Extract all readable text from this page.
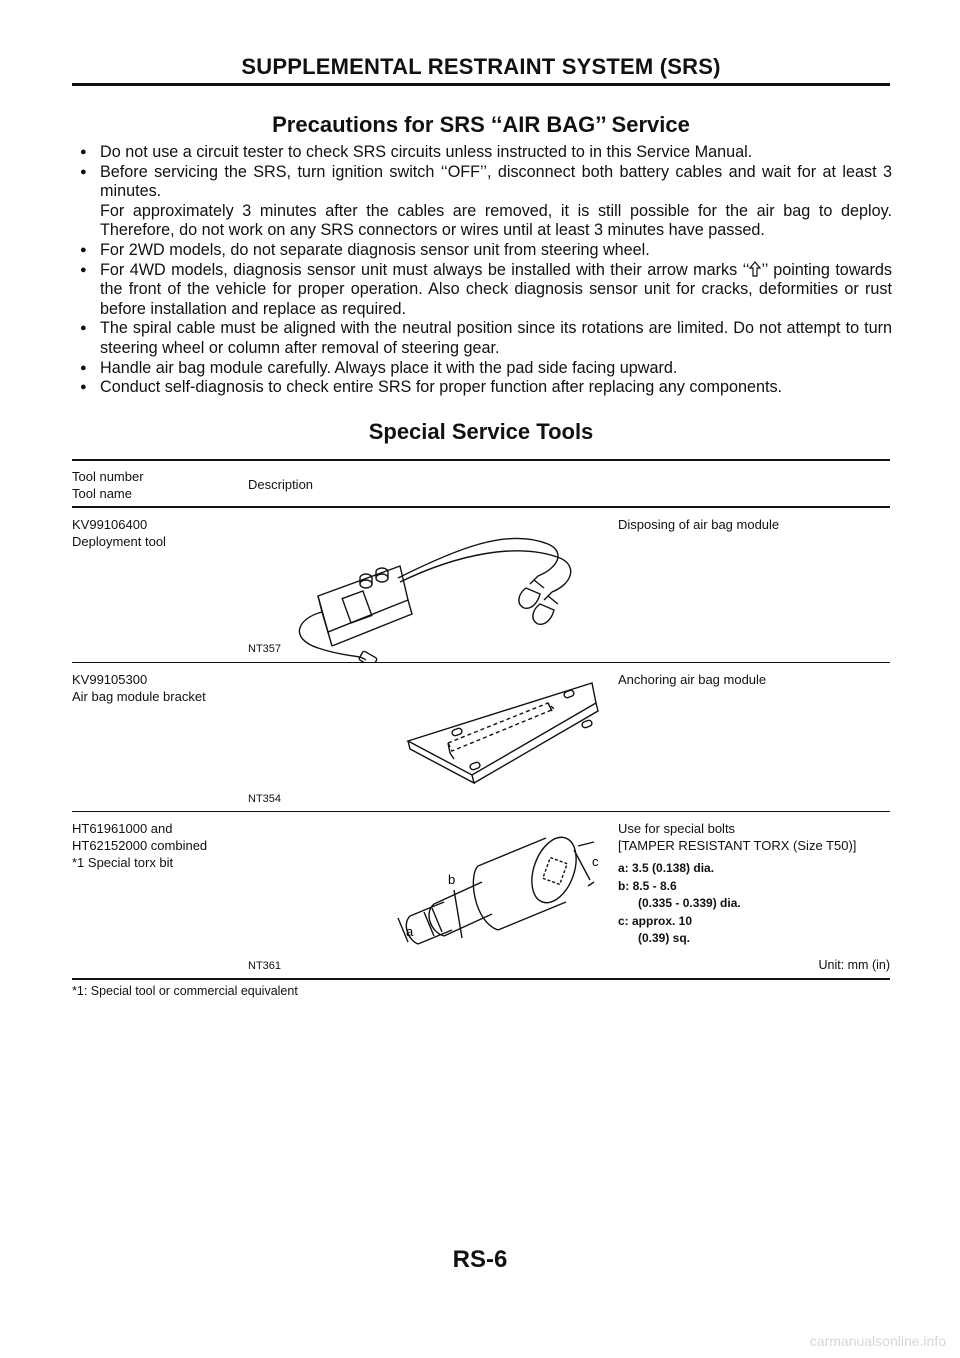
SUPPLEMENTAL RESTRAINT SYSTEM (SRS)
Precautions for SRS ‘‘AIR BAG’’ Service
● Do not use a circuit tester to check SRS circuits unless instructed to in this Service Manual.
● Before servicing the SRS, turn ignition switch ‘‘OFF’’, disconnect both battery cables and wait for at least 3 minutes.
For approximately 3 minutes after the cables are removed, it is still possible for the air bag to deploy. Therefore, do not work on any SRS connectors or wires until at least 3 minutes have passed.
● For 2WD models, do not separate diagnosis sensor unit from steering wheel.
● For 4WD models, diagnosis sensor unit must always be installed with their arrow marks ‘‘ ’’ pointing towards the front of the vehicle for proper operation. Also check diagnosis sensor unit for cracks, deformities or rust before installation and replace as required.
● The spiral cable must be aligned with the neutral position since its rotations are limited. Do not attempt to turn steering wheel or column after removal of steering gear.
● Handle air bag module carefully. Always place it with the pad side facing upward.
● Conduct self-diagnosis to check entire SRS for proper function after replacing any components.
Special Service Tools
Tool number
Tool name
Description
KV99106400
Deployment tool
NT357
Disposing of air bag module
KV99105300
Air bag module bracket
NT354
Anchoring air bag module
HT61961000 and
HT62152000 combined
*1 Special torx bit	c
b
a
NT361
Use for special bolts
[TAMPER RESISTANT TORX (Size T50)]
a: 3.5 (0.138) dia.
b: 8.5 - 8.6
(0.335 - 0.339) dia.
c: approx. 10
(0.39) sq.
Unit: mm (in)
*1: Special tool or commercial equivalent
RS-6
carmanualsonline.info
